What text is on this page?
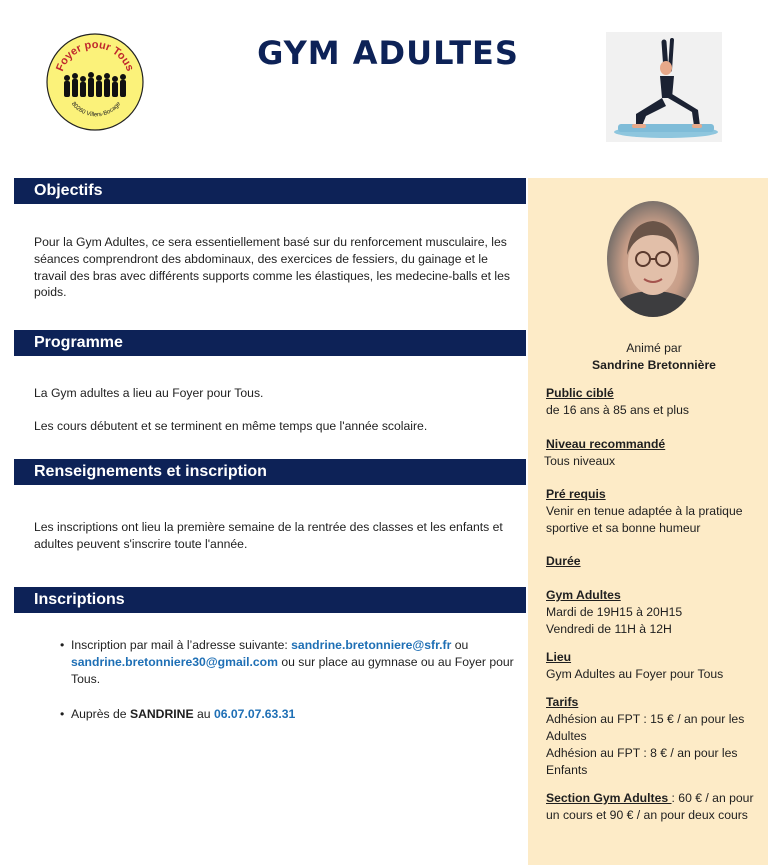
Foyer pour Tous
80260 Villers-Bocage
GYM ADULTES
Objectifs
Pour la Gym Adultes, ce sera essentiellement basé sur du renforcement musculaire, les séances comprendront des abdominaux, des exercices de fessiers, du gainage et le travail des bras avec différents supports comme les élastiques, les medecine-balls et les poids.
Programme
La Gym adultes a lieu au Foyer pour Tous.
Les cours débutent et se terminent en même temps que l'année scolaire.
Renseignements et inscription
Les inscriptions ont lieu la première semaine de la rentrée des classes et les enfants et adultes peuvent s'inscrire toute l'année.
Inscriptions
• Inscription par mail à l’adresse suivante: sandrine.bretonniere@sfr.fr ou sandrine.bretonniere30@gmail.com ou sur place au gymnase ou au Foyer pour Tous.
• Auprès de SANDRINE au 06.07.07.63.31
Animé par
Sandrine Bretonnière
Public ciblé
de 16 ans à 85 ans et plus
Niveau recommandé
Tous niveaux
Pré requis
Venir en tenue adaptée à la pratique sportive et sa bonne humeur
Durée
Gym Adultes
Mardi de 19H15 à 20H15
Vendredi de 11H à 12H
Lieu
Gym Adultes au Foyer pour Tous
Tarifs
Adhésion au FPT : 15 € / an pour les Adultes
Adhésion au FPT : 8 € / an pour les Enfants
Section Gym Adultes : 60 € / an pour un cours et 90 € / an pour deux cours
